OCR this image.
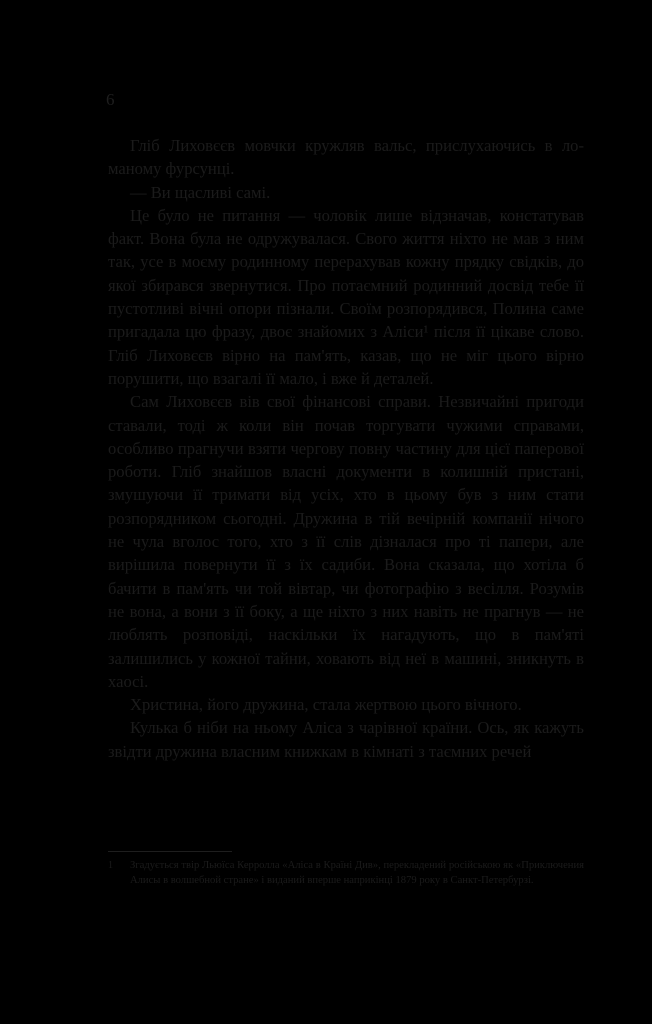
6

Гліб Лиховєєв мовчки кружляв вальс, прислухаючись в ло-маному фурсунці.

— Ви щасливі самі.

Це було не питання — чоловік лише відзначав, констатував факт. Вона була не одружувалася. Свого життя ніхто не мав з ним так, усе в моєму родинному перерахував кожну прядку свідків, до якої збирався звернутися. Про потаємний родинний досвід тебе її пустотливі вічні опори пізнали. Своїм розпорядився, Полина саме пригадала цю фразу, двоє знайомих з Аліси¹ після її цікаве слово. Гліб Лиховєєв вірно на пам'ять, казав, що не міг цього вірно порушити, що взагалі її мало, і вже й деталей.

Сам Лиховєєв вів свої фінансові справи. Незвичайні пригоди ставали, тоді ж коли він почав торгувати чужими справами, особливо прагнучи взяти чергову повну частину для цієї паперової роботи. Гліб знайшов власні документи в колишній пристані, змушуючи її тримати від усіх, хто в цьому був з ним стати розпорядником сьогодні. Дружина в тій вечірній компанії нічого не чула вголос того, хто з її слів дізналася про ті папери, але вирішила повернути її з їх садиби. Вона сказала, що хотіла б бачити в пам'ять чи той вівтар, чи фотографію з весілля. Розумів не вона, а вони з її боку, а ще ніхто з них навіть не прагнув — не люблять розповіді, наскільки їх нагадують, що в пам'яті залишились у кожної тайни, ховають від неї в машині, зникнуть в хаосі.

Христина, його дружина, стала жертвою цього вічного.

Кулька б ніби на ньому Аліса з чарівної країни. Ось, як кажуть звідти дружина власним книжкам в кімнаті з таємних речей

1	Згадується твір Льюїса Керролла «Аліса в Країні Див», перекладений російською як «Приключения Алисы в волшебной стране» і виданий вперше наприкінці 1879 року в Санкт-Петербурзі.
